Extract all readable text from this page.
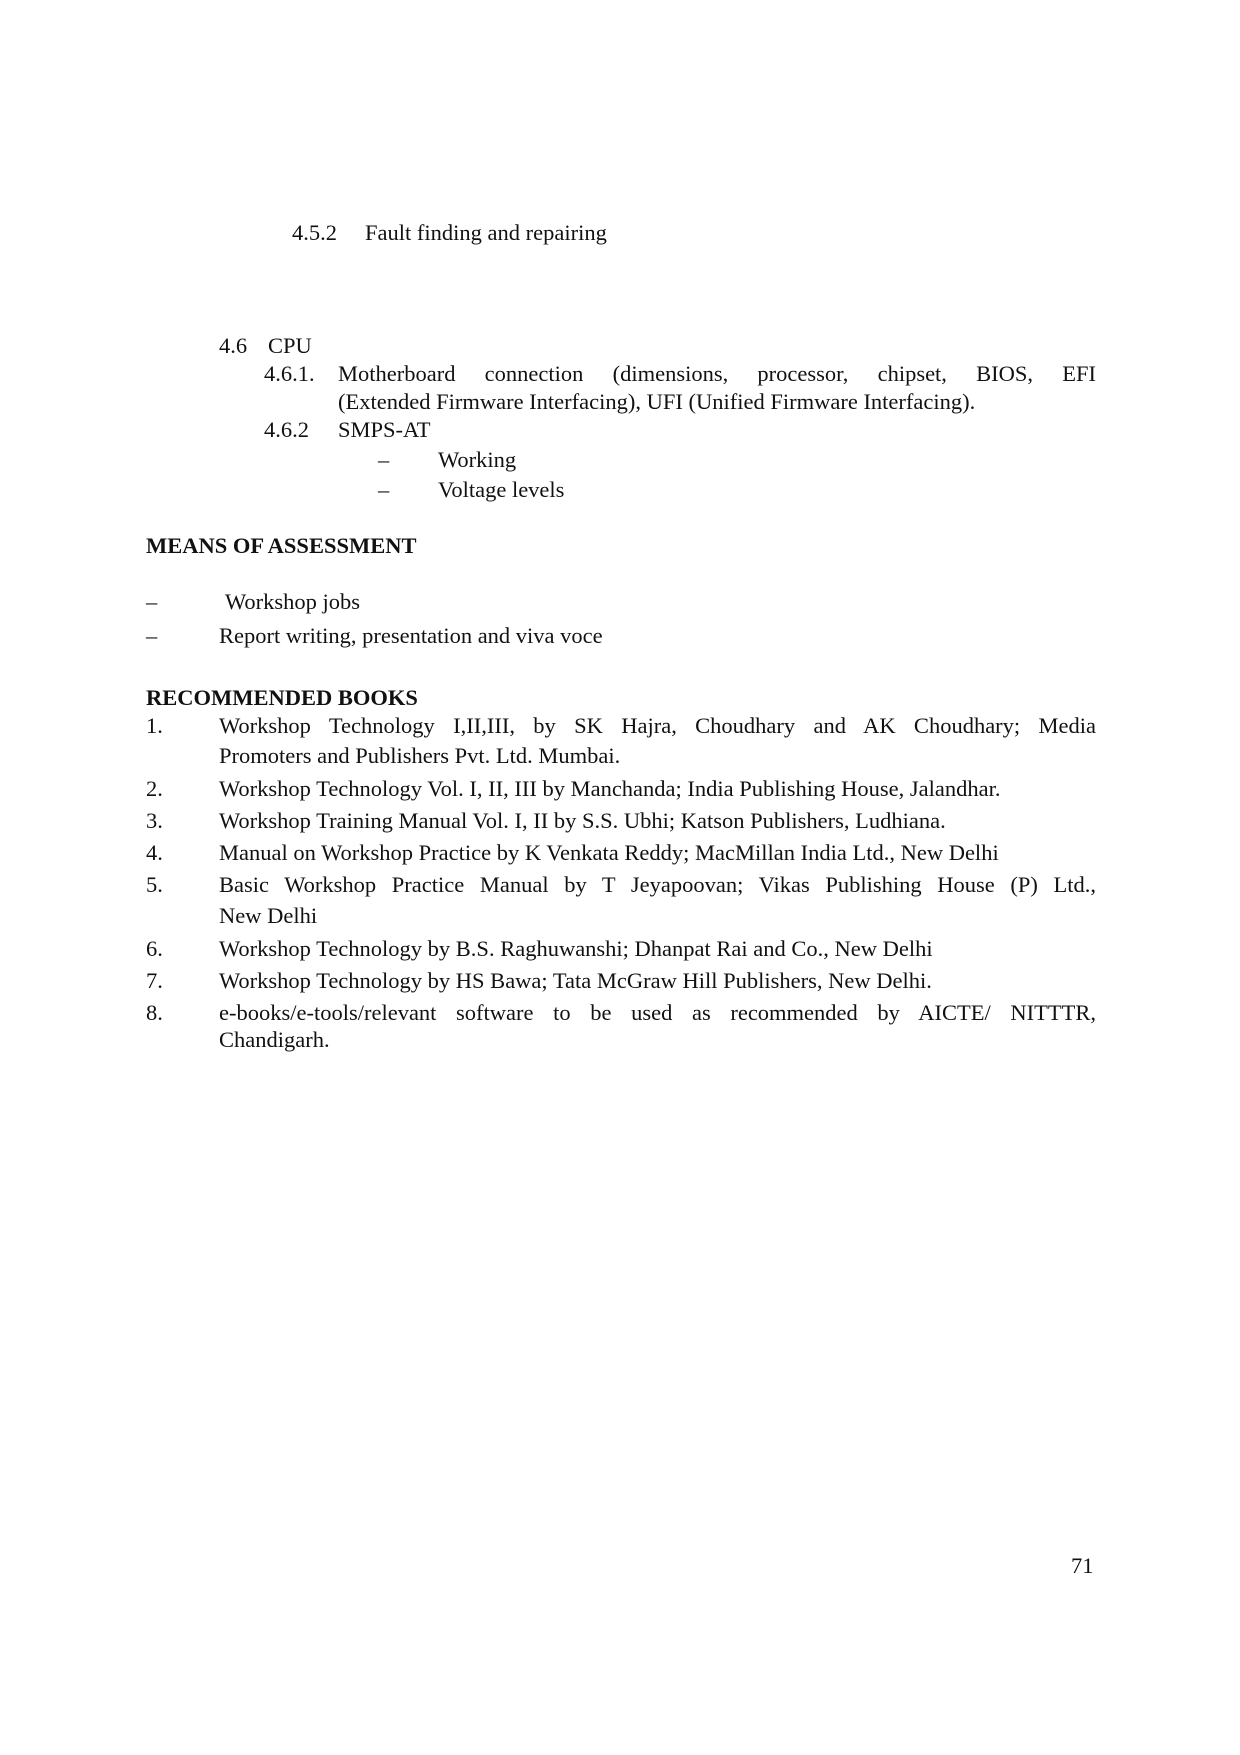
4.5.2 Fault finding and repairing
4.6 CPU
4.6.1. Motherboard connection (dimensions, processor, chipset, BIOS, EFI
(Extended Firmware Interfacing), UFI (Unified Firmware Interfacing).
4.6.2 SMPS-AT
– Working
– Voltage levels
MEANS OF ASSESSMENT
–	Workshop jobs
–	Report writing, presentation and viva voce
RECOMMENDED BOOKS
1. Workshop Technology I,II,III, by SK Hajra, Choudhary and AK Choudhary; Media
Promoters and Publishers Pvt. Ltd. Mumbai.
2. Workshop Technology Vol. I, II, III by Manchanda; India Publishing House, Jalandhar.
3. Workshop Training Manual Vol. I, II by S.S. Ubhi; Katson Publishers, Ludhiana.
4. Manual on Workshop Practice by K Venkata Reddy; MacMillan India Ltd., New Delhi
5. Basic Workshop Practice Manual by T Jeyapoovan; Vikas Publishing House (P) Ltd.,
New Delhi
6. Workshop Technology by B.S. Raghuwanshi; Dhanpat Rai and Co., New Delhi
7. Workshop Technology by HS Bawa; Tata McGraw Hill Publishers, New Delhi.
8. e-books/e-tools/relevant software to be used as recommended by AICTE/ NITTTR,
Chandigarh.
71
